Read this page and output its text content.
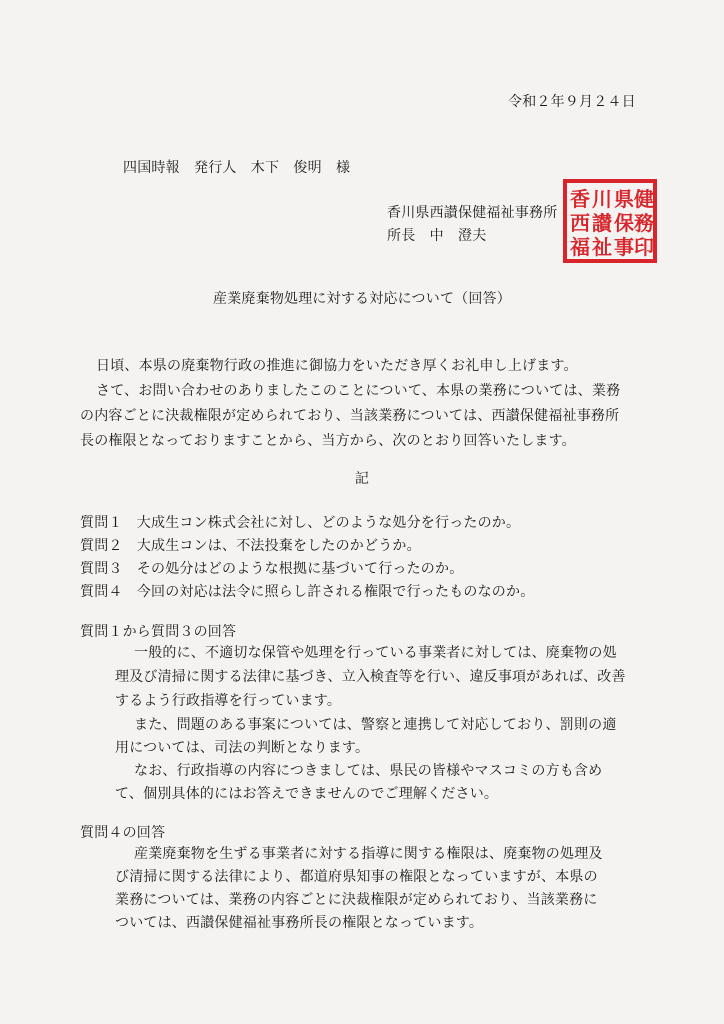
令和２年９月２４日
四国時報　発行人　木下　俊明　様
香川県西讃保健福祉事務所
所長　中　澄夫
香
西
福
川
讃
祉
県
保
事
健
務
印
産業廃棄物処理に対する対応について（回答）
日頃、本県の廃棄物行政の推進に御協力をいただき厚くお礼申し上げます。
さて、お問い合わせのありましたこのことについて、本県の業務については、業務
の内容ごとに決裁権限が定められており、当該業務については、西讃保健福祉事務所
長の権限となっておりますことから、当方から、次のとおり回答いたします。
記
質問１　大成生コン株式会社に対し、どのような処分を行ったのか。
質問２　大成生コンは、不法投棄をしたのかどうか。
質問３　その処分はどのような根拠に基づいて行ったのか。
質問４　今回の対応は法令に照らし許される権限で行ったものなのか。
質問１から質問３の回答
一般的に、不適切な保管や処理を行っている事業者に対しては、廃棄物の処
理及び清掃に関する法律に基づき、立入検査等を行い、違反事項があれば、改善
するよう行政指導を行っています。
また、問題のある事案については、警察と連携して対応しており、罰則の適
用については、司法の判断となります。
なお、行政指導の内容につきましては、県民の皆様やマスコミの方も含め
て、個別具体的にはお答えできませんのでご理解ください。
質問４の回答
産業廃棄物を生ずる事業者に対する指導に関する権限は、廃棄物の処理及
び清掃に関する法律により、都道府県知事の権限となっていますが、本県の
業務については、業務の内容ごとに決裁権限が定められており、当該業務に
ついては、西讃保健福祉事務所長の権限となっています。
